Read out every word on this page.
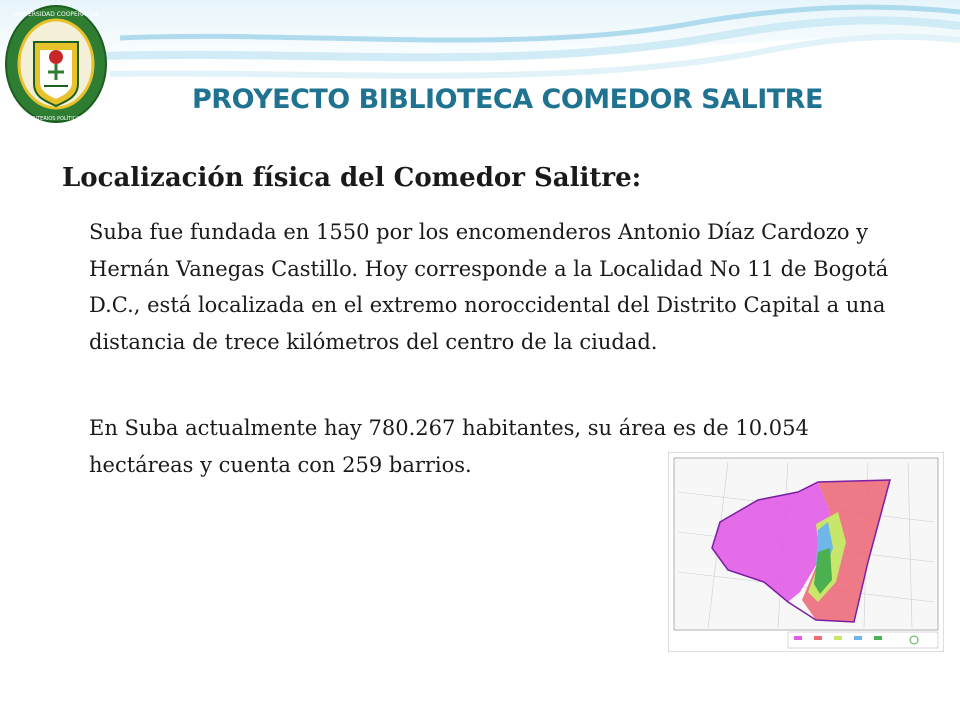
UNIVERSIDAD COOPERATIVA
CRITERIOS POLÍTICOS
PROYECTO BIBLIOTECA COMEDOR SALITRE
Localización física del Comedor Salitre:

Suba fue fundada en 1550 por los encomenderos Antonio Díaz Cardozo y Hernán Vanegas Castillo. Hoy corresponde a la Localidad No 11 de Bogotá D.C., está localizada en el extremo noroccidental del Distrito Capital a una distancia de trece kilómetros del centro de la ciudad.

En Suba actualmente hay 780.267 habitantes, su área es de 10.054 hectáreas y cuenta con 259 barrios.
